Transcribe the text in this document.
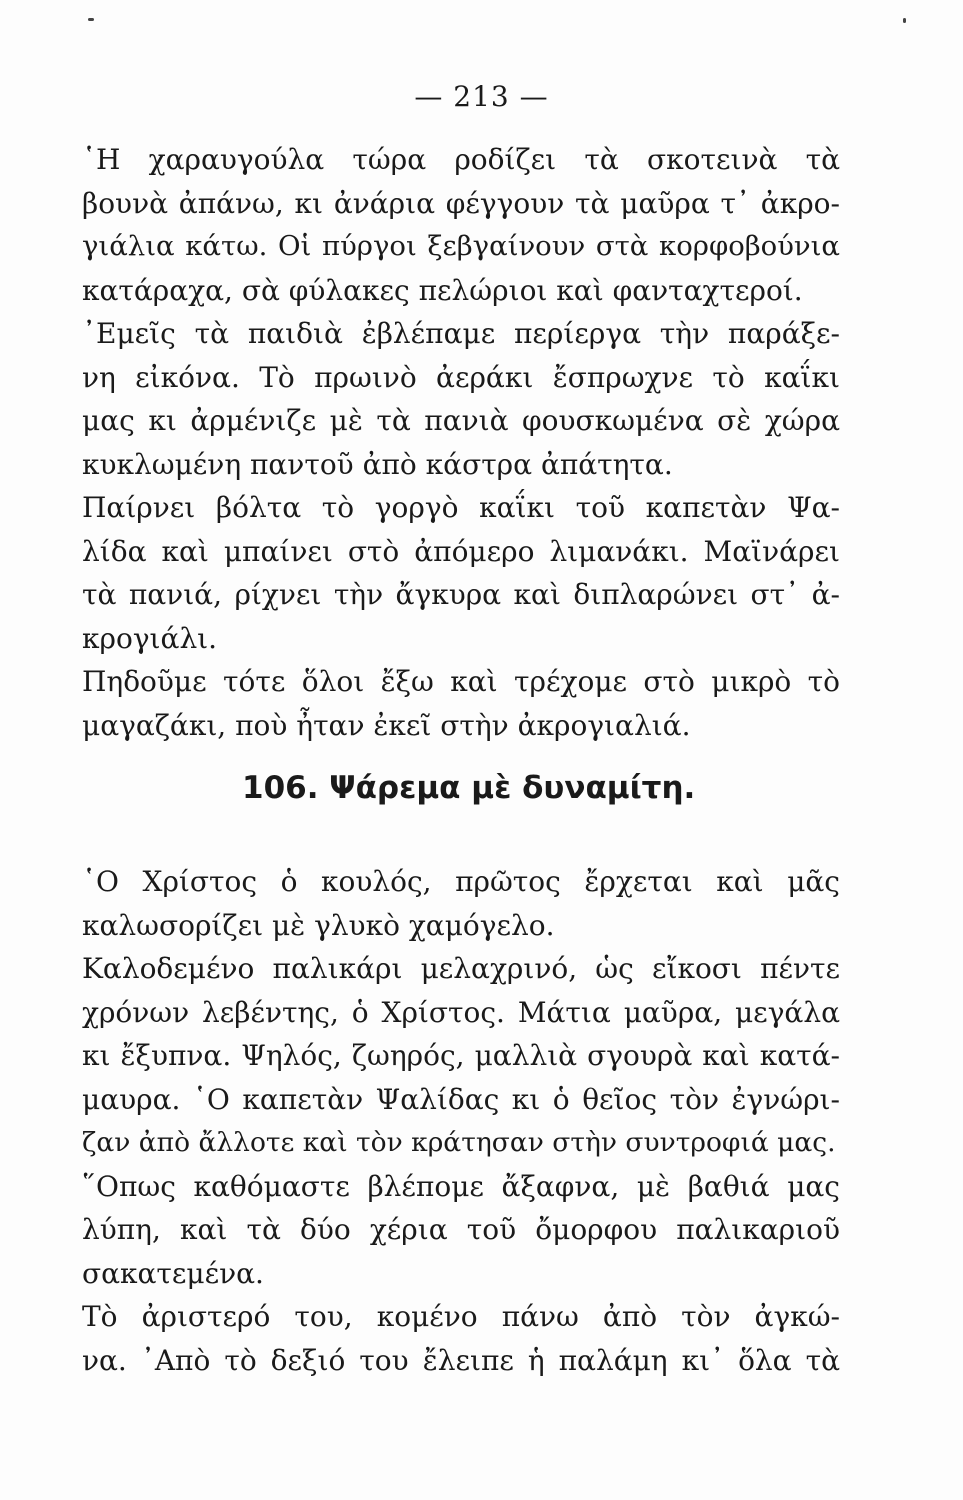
— 213 —
῾Η χαραυγούλα τώρα ροδίζει τὰ σκοτεινὰ τὰ
βουνὰ ἀπάνω, κι ἀνάρια φέγγουν τὰ μαῦρα τ᾽ ἀκρο-
γιάλια κάτω. Οἱ πύργοι ξεβγαίνουν στὰ κορφοβούνια
κατάραχα, σὰ φύλακες πελώριοι καὶ φανταχτεροί.
᾽Εμεῖς τὰ παιδιὰ ἐβλέπαμε περίεργα τὴν παράξε-
νη εἰκόνα. Τὸ πρωινὸ ἀεράκι ἔσπρωχνε τὸ καΐκι
μας κι ἀρμένιζε μὲ τὰ πανιὰ φουσκωμένα σὲ χώρα
κυκλωμένη παντοῦ ἀπὸ κάστρα ἀπάτητα.
Παίρνει βόλτα τὸ γοργὸ καΐκι τοῦ καπετὰν Ψα-
λίδα καὶ μπαίνει στὸ ἀπόμερο λιμανάκι. Μαϊνάρει
τὰ πανιά, ρίχνει τὴν ἄγκυρα καὶ διπλαρώνει στ᾽ ἀ-
κρογιάλι.
Πηδοῦμε τότε ὅλοι ἔξω καὶ τρέχομε στὸ μικρὸ τὸ
μαγαζάκι, ποὺ ἦταν ἐκεῖ στὴν ἀκρογιαλιά.
106. Ψάρεμα μὲ δυναμίτη.
῾Ο Χρίστος ὁ κουλός, πρῶτος ἔρχεται καὶ μᾶς
καλωσορίζει μὲ γλυκὸ χαμόγελο.
Καλοδεμένο παλικάρι μελαχρινό, ὡς εἴκοσι πέντε
χρόνων λεβέντης, ὁ Χρίστος. Μάτια μαῦρα, μεγάλα
κι ἔξυπνα. Ψηλός, ζωηρός, μαλλιὰ σγουρὰ καὶ κατά-
μαυρα. ῾Ο καπετὰν Ψαλίδας κι ὁ θεῖος τὸν ἐγνώρι-
ζαν ἀπὸ ἄλλοτε καὶ τὸν κράτησαν στὴν συντροφιά μας.
῞Οπως καθόμαστε βλέπομε ἄξαφνα, μὲ βαθιά μας
λύπη, καὶ τὰ δύο χέρια τοῦ ὄμορφου παλικαριοῦ
σακατεμένα.
Τὸ ἀριστερό του, κομένο πάνω ἀπὸ τὸν ἀγκώ-
να. ᾽Απὸ τὸ δεξιό του ἔλειπε ἡ παλάμη κι᾽ ὅλα τὰ
